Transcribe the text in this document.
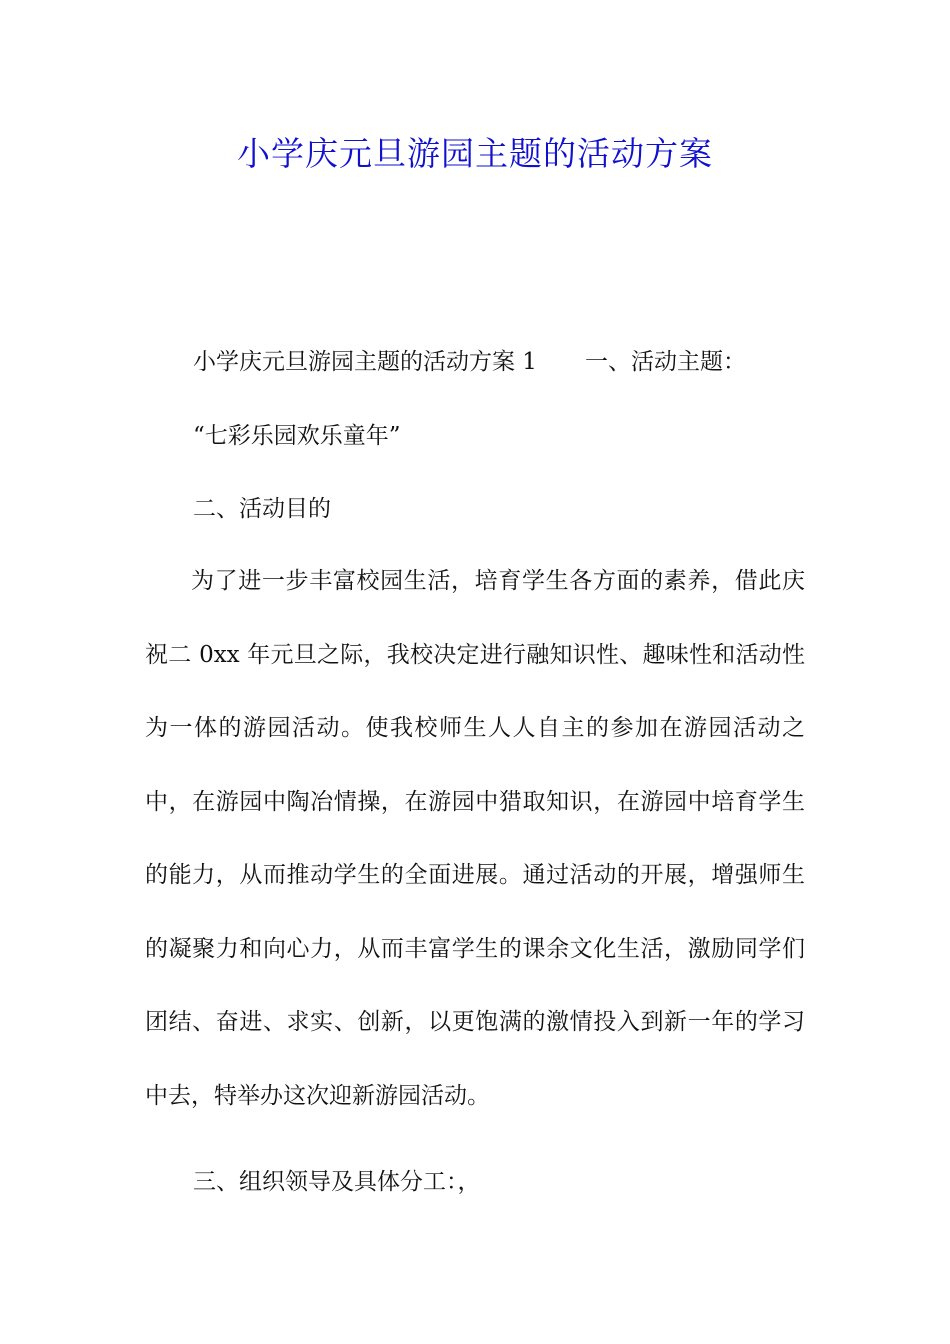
小学庆元旦游园主题的活动方案

小学庆元旦游园主题的活动方案 1 一、活动主题：

“七彩乐园欢乐童年”

二、活动目的

为了进一步丰富校园生活，培育学生各方面的素养，借此庆祝二 0xx 年元旦之际，我校决定进行融知识性、趣味性和活动性为一体的游园活动。使我校师生人人自主的参加在游园活动之中，在游园中陶冶情操，在游园中猎取知识，在游园中培育学生的能力，从而推动学生的全面进展。通过活动的开展，增强师生的凝聚力和向心力，从而丰富学生的课余文化生活，激励同学们团结、奋进、求实、创新，以更饱满的激情投入到新一年的学习中去，特举办这次迎新游园活动。

三、组织领导及具体分工：，
